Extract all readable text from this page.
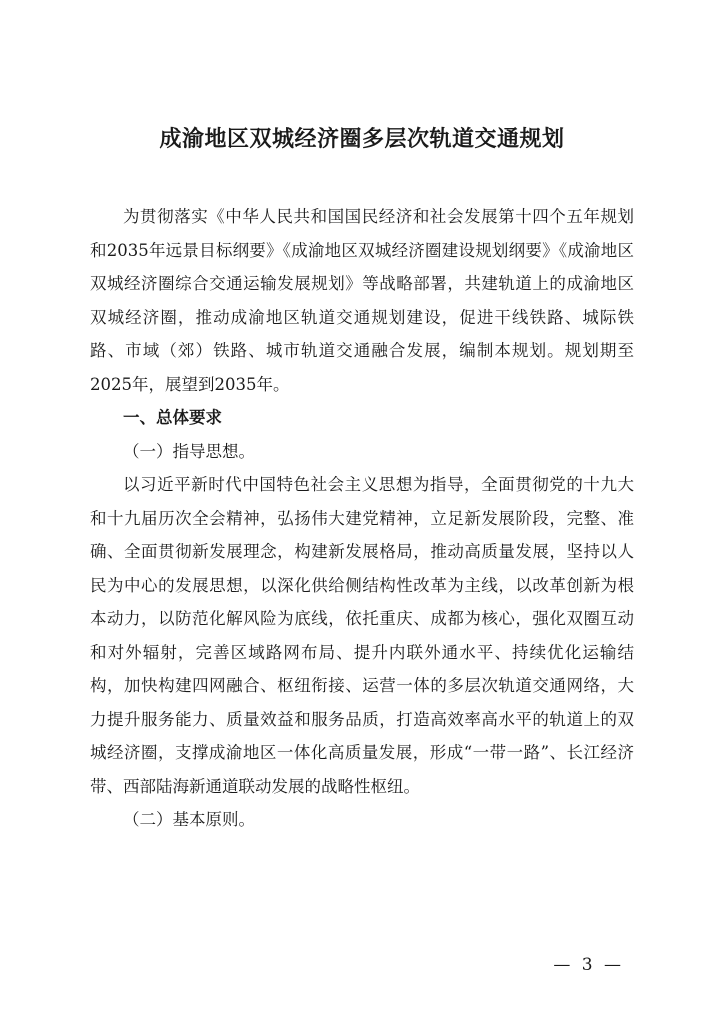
成渝地区双城经济圈多层次轨道交通规划

为贯彻落实《中华人民共和国国民经济和社会发展第十四个五年规划和2035年远景目标纲要》《成渝地区双城经济圈建设规划纲要》《成渝地区双城经济圈综合交通运输发展规划》等战略部署，共建轨道上的成渝地区双城经济圈，推动成渝地区轨道交通规划建设，促进干线铁路、城际铁路、市域（郊）铁路、城市轨道交通融合发展，编制本规划。规划期至2025年，展望到2035年。

一、总体要求

（一）指导思想。

以习近平新时代中国特色社会主义思想为指导，全面贯彻党的十九大和十九届历次全会精神，弘扬伟大建党精神，立足新发展阶段，完整、准确、全面贯彻新发展理念，构建新发展格局，推动高质量发展，坚持以人民为中心的发展思想，以深化供给侧结构性改革为主线，以改革创新为根本动力，以防范化解风险为底线，依托重庆、成都为核心，强化双圈互动和对外辐射，完善区域路网布局、提升内联外通水平、持续优化运输结构，加快构建四网融合、枢纽衔接、运营一体的多层次轨道交通网络，大力提升服务能力、质量效益和服务品质，打造高效率高水平的轨道上的双城经济圈，支撑成渝地区一体化高质量发展，形成“一带一路”、长江经济带、西部陆海新通道联动发展的战略性枢纽。

（二）基本原则。

— 3 —
